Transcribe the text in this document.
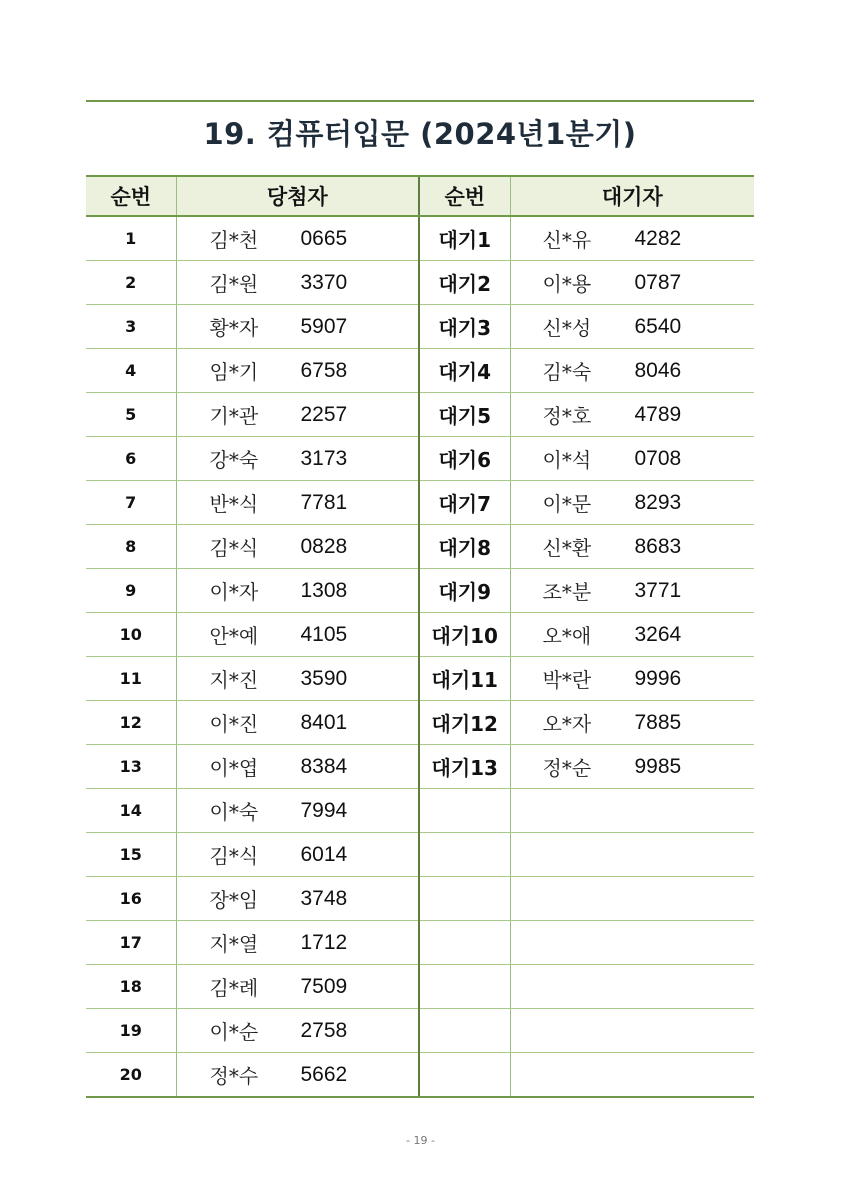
19. 컴퓨터입문 (2024년1분기)
순번	당첨자	순번	대기자
1	김*천 0665	대기1	신*유 4282

2	김*원 3370	대기2	이*용 0787

3	황*자 5907	대기3	신*성 6540

4	임*기 6758	대기4	김*숙 8046

5	기*관 2257	대기5	정*호 4789

6	강*숙 3173	대기6	이*석 0708

7	반*식 7781	대기7	이*문 8293

8	김*식 0828	대기8	신*환 8683

9	이*자 1308	대기9	조*분 3771

10	안*예 4105	대기10	오*애 3264

11	지*진 3590	대기11	박*란 9996

12	이*진 8401	대기12	오*자 7885

13	이*엽 8384	대기13	정*순 9985

14	이*숙 7994		

15	김*식 6014		

16	장*임 3748		

17	지*열 1712		

18	김*례 7509		

19	이*순 2758		

20	정*수 5662		

- 19 -
